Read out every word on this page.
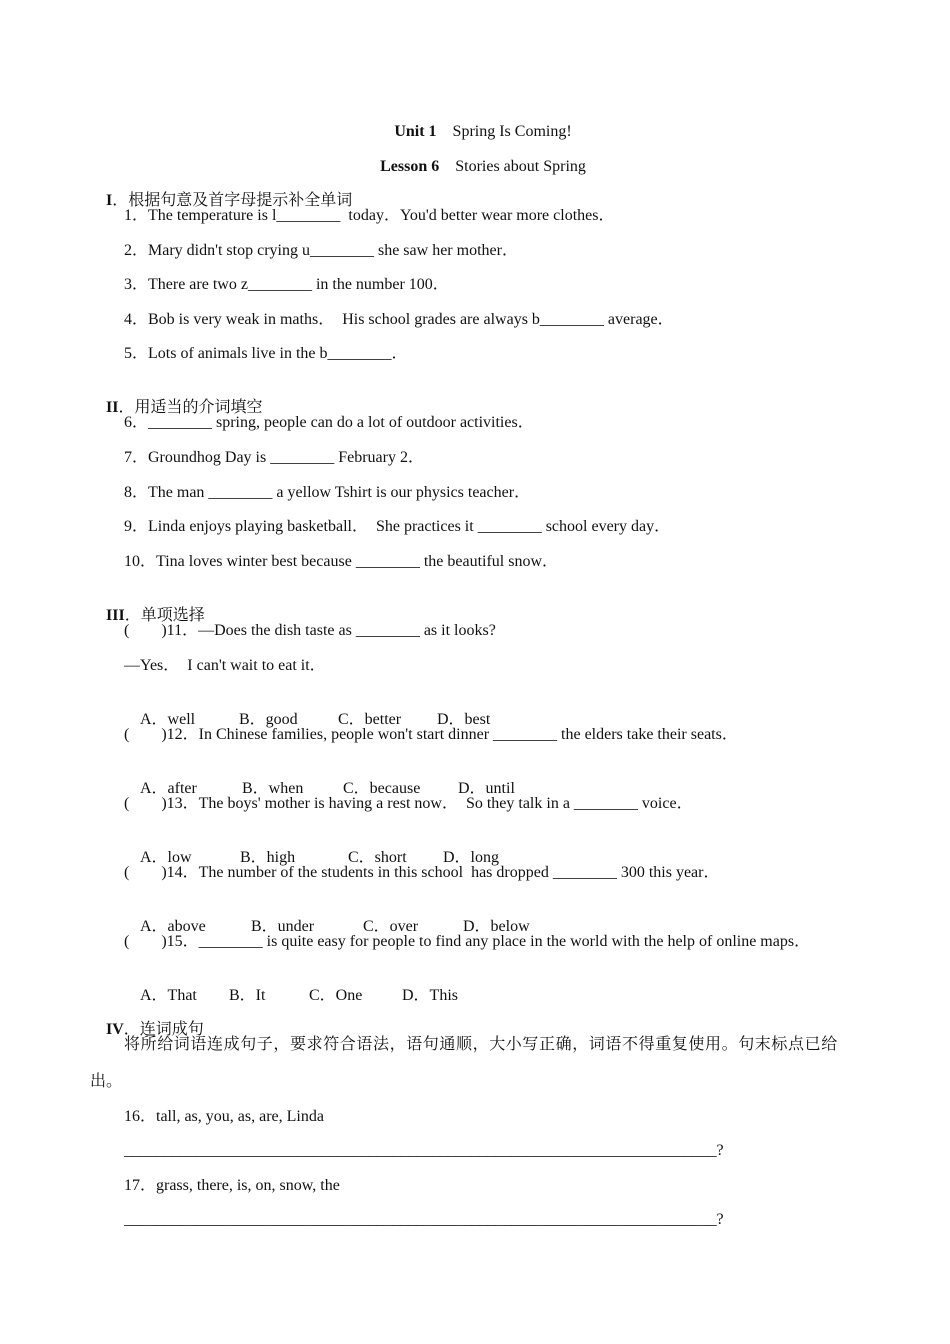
Unit 1 Spring Is Coming!

Lesson 6 Stories about Spring

I．根据句意及首字母提示补全单词

1．The temperature is l________  today．You'd better wear more clothes．
2．Mary didn't stop crying u________ she saw her mother．
3．There are two z________ in the number 100．
4．Bob is very weak in maths．  His school grades are always b________ average．
5．Lots of animals live in the b________．

II．用适当的介词填空

6．________ spring, people can do a lot of outdoor activities．
7．Groundhog Day is ________ February 2．
8．The man ________ a yellow Tshirt is our physics teacher．
9．Linda enjoys playing basketball．  She practices it ________ school every day．
10．Tina loves winter best because ________ the beautiful snow．

III．单项选择

(　　)11．—Does the dish taste as ________ as it looks?
—Yes．  I can't wait to eat it．

A．well	B．good	C．better D．best

(　　)12．In Chinese families, people won't start dinner ________ the elders take their seats．

A．after	B．when C．because D．until

(　　)13．The boys' mother is having a rest now．  So they talk in a ________ voice．

A．low	B．high	C．short D．long

(　　)14．The number of the students in this school  has dropped ________ 300 this year．

A．above	B．under	C．over	D．below

(　　)15．________ is quite easy for people to find any place in the world with the help of online maps．

A．That B．It	C．One D．This

IV．连词成句

将所给词语连成句子，要求符合语法，语句通顺，大小写正确，词语不得重复使用。句末标点已给
出。
16．tall, as, you, as, are, Linda
___________________________________________________________________________?
17．grass, there, is, on, snow, the
___________________________________________________________________________?
